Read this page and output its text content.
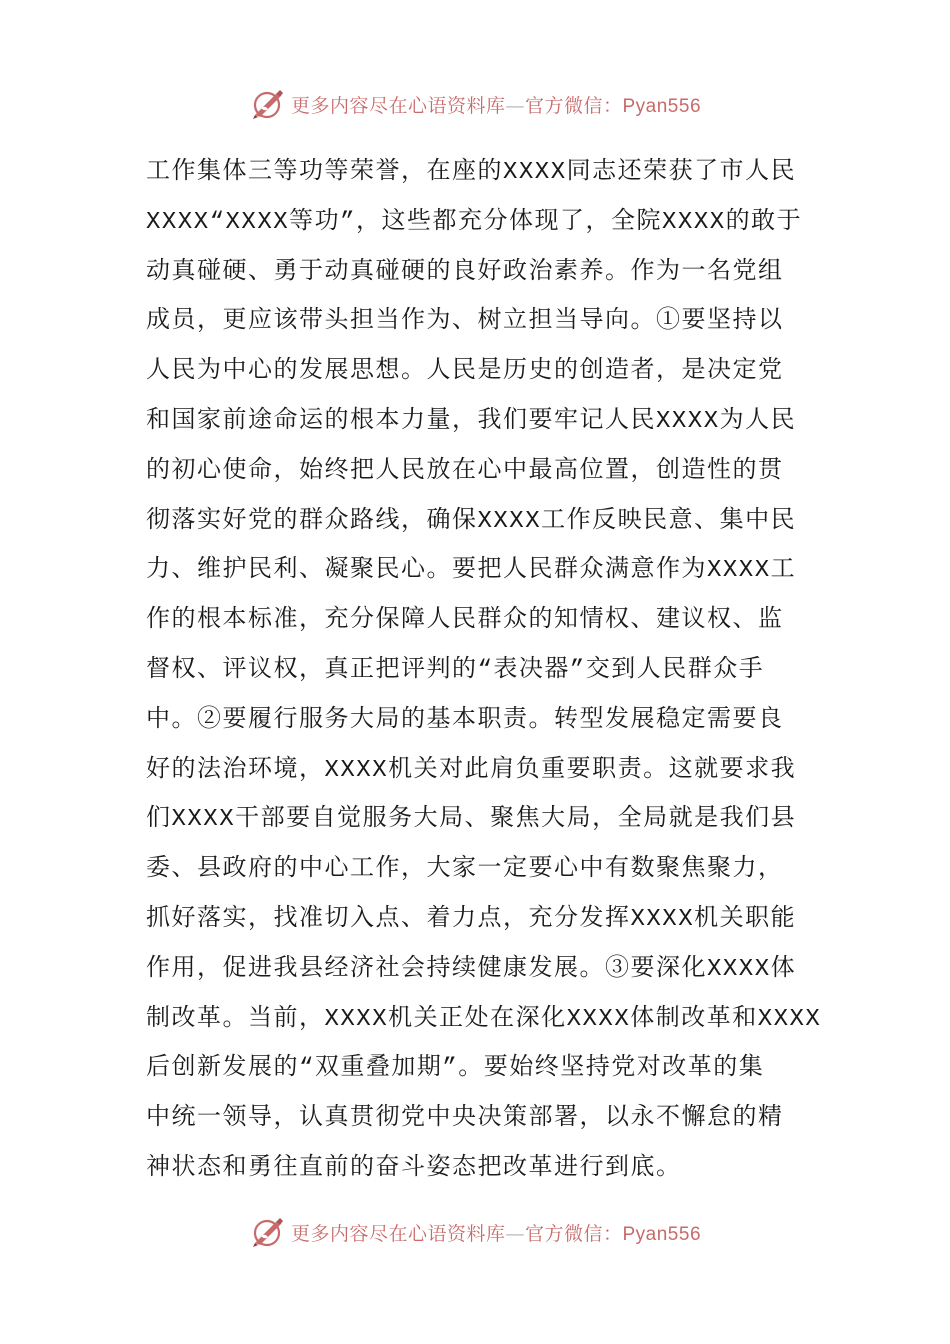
更多内容尽在心语资料库—官方微信：Pyan556
工作集体三等功等荣誉，在座的XXXX同志还荣获了市人民
XXXX“XXXX等功”，这些都充分体现了，全院XXXX的敢于
动真碰硬、勇于动真碰硬的良好政治素养。作为一名党组
成员，更应该带头担当作为、树立担当导向。①要坚持以
人民为中心的发展思想。人民是历史的创造者，是决定党
和国家前途命运的根本力量，我们要牢记人民XXXX为人民
的初心使命，始终把人民放在心中最高位置，创造性的贯
彻落实好党的群众路线，确保XXXX工作反映民意、集中民
力、维护民利、凝聚民心。要把人民群众满意作为XXXX工
作的根本标准，充分保障人民群众的知情权、建议权、监
督权、评议权，真正把评判的“表决器”交到人民群众手
中。②要履行服务大局的基本职责。转型发展稳定需要良
好的法治环境，XXXX机关对此肩负重要职责。这就要求我
们XXXX干部要自觉服务大局、聚焦大局，全局就是我们县
委、县政府的中心工作，大家一定要心中有数聚焦聚力，
抓好落实，找准切入点、着力点，充分发挥XXXX机关职能
作用，促进我县经济社会持续健康发展。③要深化XXXX体
制改革。当前，XXXX机关正处在深化XXXX体制改革和XXXX
后创新发展的“双重叠加期”。要始终坚持党对改革的集
中统一领导，认真贯彻党中央决策部署，以永不懈怠的精
神状态和勇往直前的奋斗姿态把改革进行到底。
更多内容尽在心语资料库—官方微信：Pyan556
